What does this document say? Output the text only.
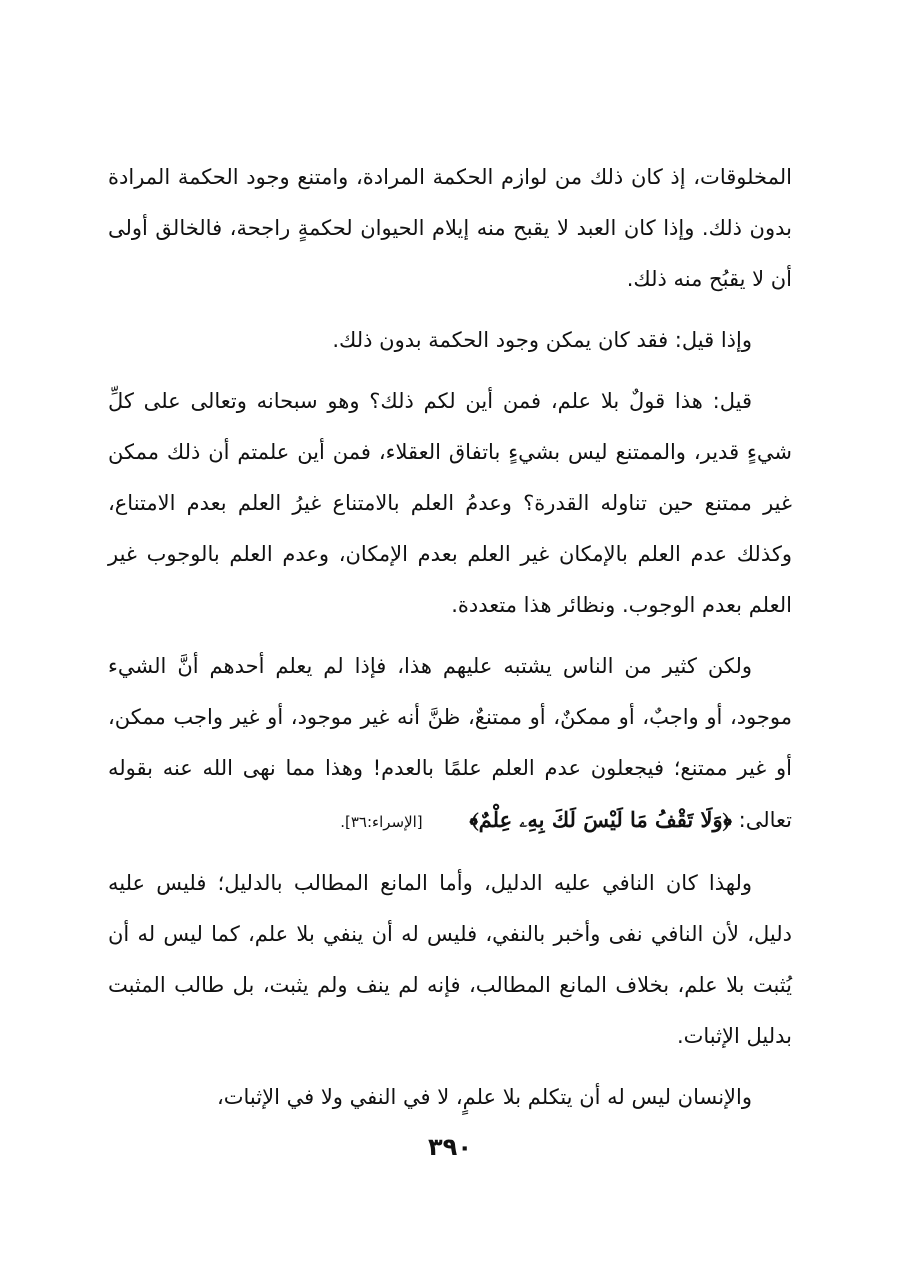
المخلوقات، إذ كان ذلك من لوازم الحكمة المرادة، وامتنع وجود الحكمة المرادة بدون ذلك. وإذا كان العبد لا يقبح منه إيلام الحيوان لحكمةٍ راجحة، فالخالق أولى أن لا يقبُح منه ذلك.

وإذا قيل: فقد كان يمكن وجود الحكمة بدون ذلك.

قيل: هذا قولٌ بلا علم، فمن أين لكم ذلك؟ وهو سبحانه وتعالى على كلِّ شيءٍ قدير، والممتنع ليس بشيءٍ باتفاق العقلاء، فمن أين علمتم أن ذلك ممكن غير ممتنع حين تناوله القدرة؟ وعدمُ العلم بالامتناع غيرُ العلم بعدم الامتناع، وكذلك عدم العلم بالإمكان غير العلم بعدم الإمكان، وعدم العلم بالوجوب غير العلم بعدم الوجوب. ونظائر هذا متعددة.

ولكن كثير من الناس يشتبه عليهم هذا، فإذا لم يعلم أحدهم أنَّ الشيء موجود، أو واجبٌ، أو ممكنٌ، أو ممتنعٌ، ظنَّ أنه غير موجود، أو غير واجب ممكن، أو غير ممتنع؛ فيجعلون عدم العلم علمًا بالعدم! وهذا مما نهى الله عنه بقوله تعالى: ﴿وَلَا تَقْفُ مَا لَيْسَ لَكَ بِهِۦ عِلْمٌ﴾ [الإسراء:٣٦].

ولهذا كان النافي عليه الدليل، وأما المانع المطالب بالدليل؛ فليس عليه دليل، لأن النافي نفى وأخبر بالنفي، فليس له أن ينفي بلا علم، كما ليس له أن يُثبت بلا علم، بخلاف المانع المطالب، فإنه لم ينف ولم يثبت، بل طالب المثبت بدليل الإثبات.

والإنسان ليس له أن يتكلم بلا علمٍ، لا في النفي ولا في الإثبات،

٣٩٠
